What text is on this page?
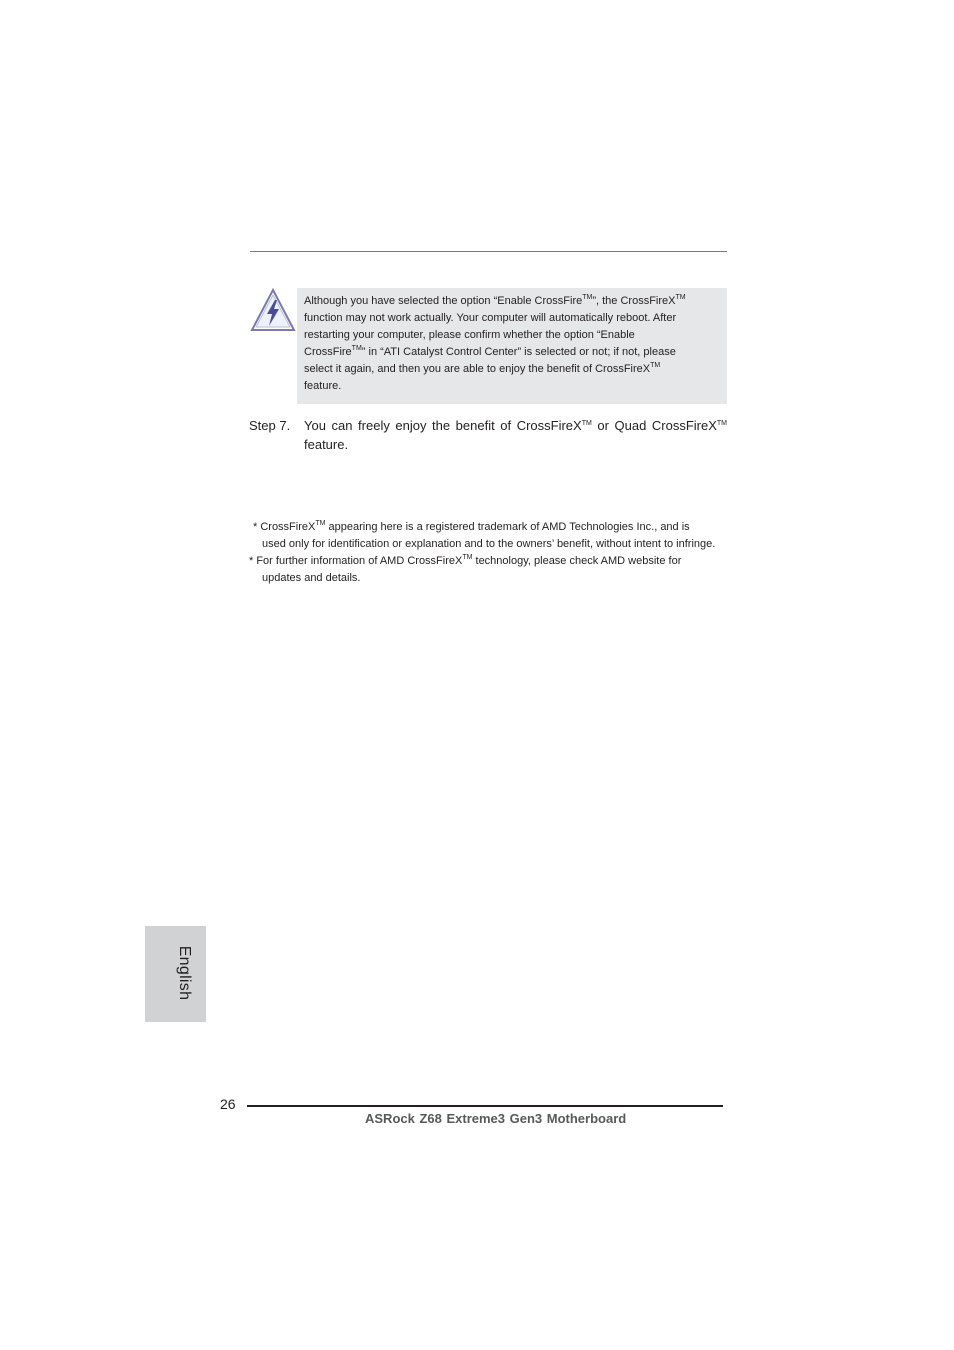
Although you have selected the option “Enable CrossFire™”, the CrossFireX™
function may not work actually. Your computer will automatically reboot. After
restarting your computer, please confirm whether the option “Enable
CrossFire™” in “ATI Catalyst Control Center” is selected or not; if not, please
select it again, and then you are able to enjoy the benefit of CrossFireX™
feature.
Step 7. You can freely enjoy the benefit of CrossFireX™ or Quad CrossFireX™
feature.
* CrossFireX™ appearing here is a registered trademark of AMD Technologies Inc., and is
used only for identification or explanation and to the owners’ benefit, without intent to infringe.
* For further information of AMD CrossFireX™ technology, please check AMD website for
updates and details.
English
26
ASRock Z68 Extreme3 Gen3 Motherboard
